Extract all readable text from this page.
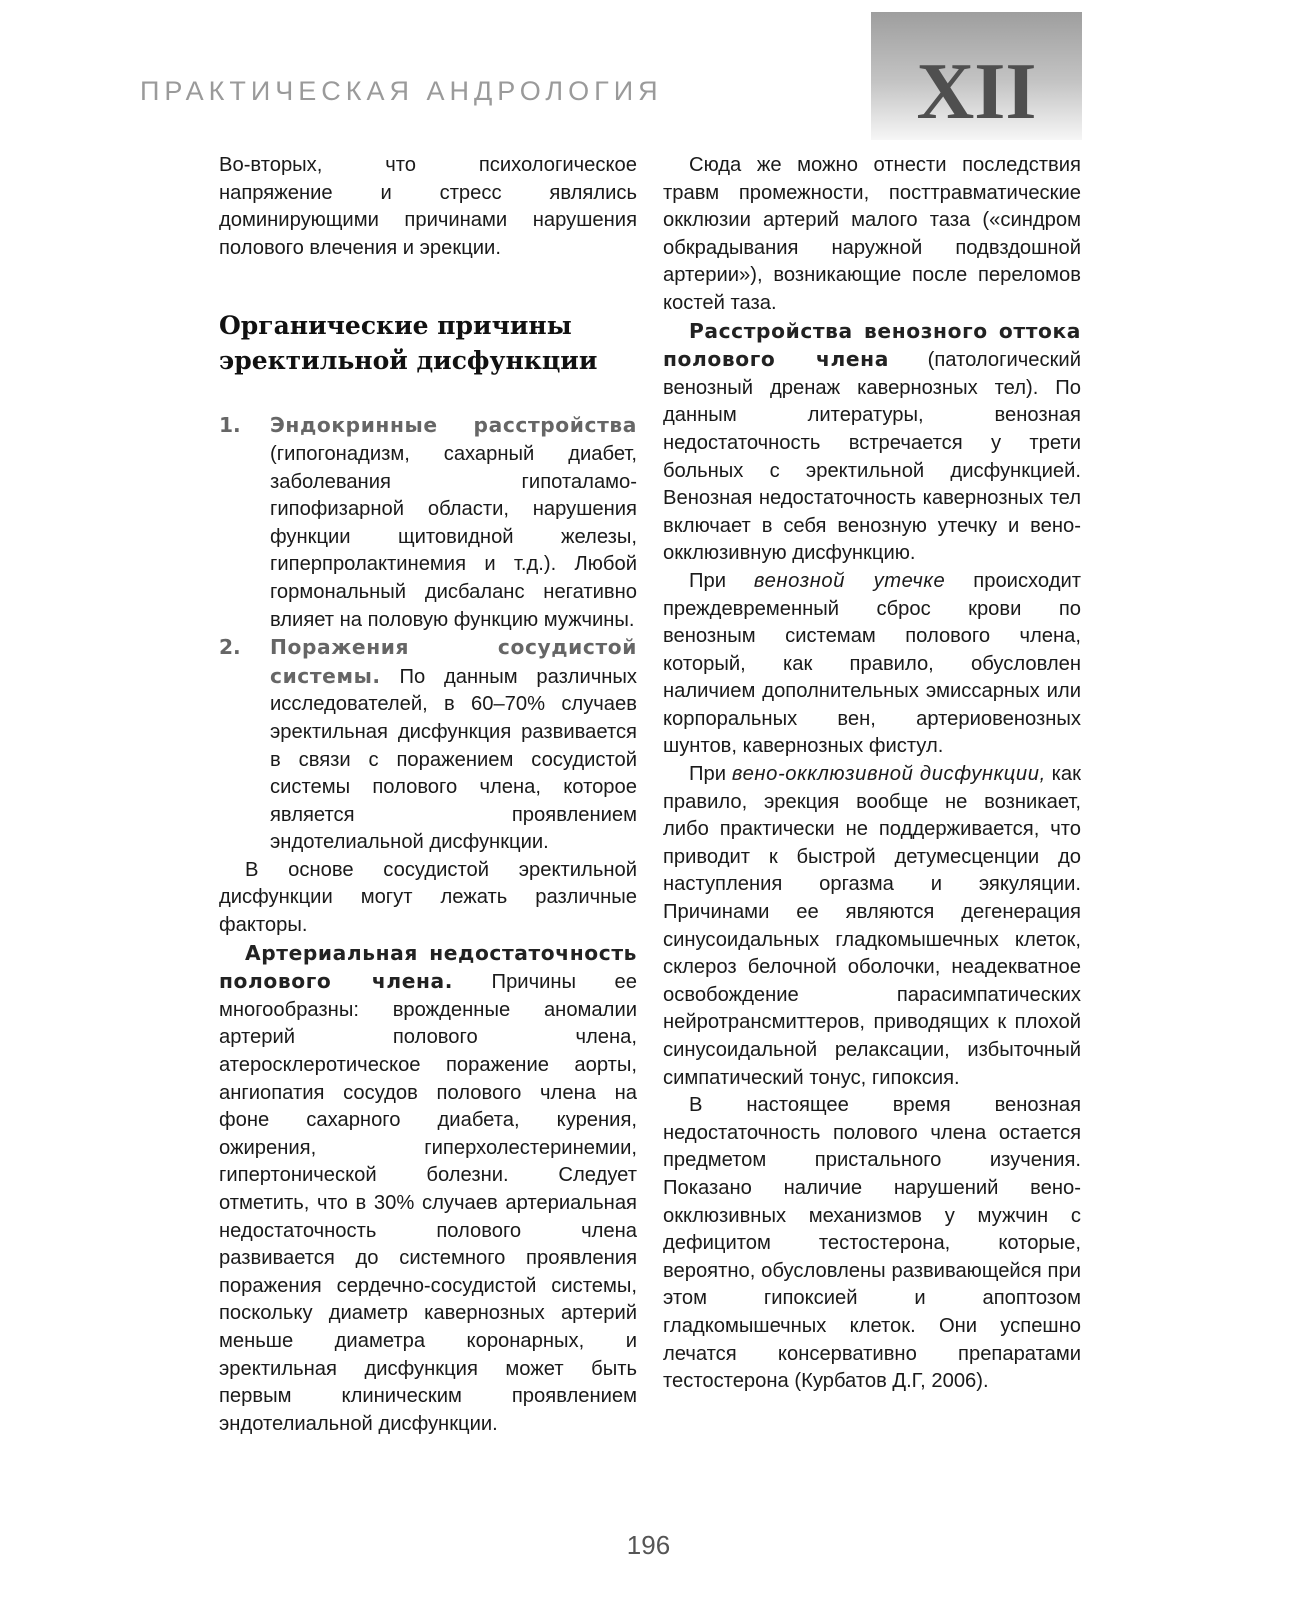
ПРАКТИЧЕСКАЯ АНДРОЛОГИЯ	XII

Во-вторых, что психологическое напряжение и стресс являлись доминирующими причинами нарушения полового влечения и эрекции.

Органические причины эректильной дисфункции

1. Эндокринные расстройства (гипогонадизм, сахарный диабет, заболевания гипоталамо-гипофизарной области, нарушения функции щитовидной железы, гиперпролактинемия и т.д.). Любой гормональный дисбаланс негативно влияет на половую функцию мужчины.

2. Поражения сосудистой системы. По данным различных исследователей, в 60–70% случаев эректильная дисфункция развивается в связи с поражением сосудистой системы полового члена, которое является проявлением эндотелиальной дисфункции.

В основе сосудистой эректильной дисфункции могут лежать различные факторы.

Артериальная недостаточность полового члена. Причины ее многообразны: врожденные аномалии артерий полового члена, атеросклеротическое поражение аорты, ангиопатия сосудов полового члена на фоне сахарного диабета, курения, ожирения, гиперхолестеринемии, гипертонической болезни. Следует отметить, что в 30% случаев артериальная недостаточность полового члена развивается до системного проявления поражения сердечно-сосудистой системы, поскольку диаметр кавернозных артерий меньше диаметра коронарных, и эректильная дисфункция может быть первым клиническим проявлением эндотелиальной дисфункции.

Сюда же можно отнести последствия травм промежности, посттравматические окклюзии артерий малого таза («синдром обкрадывания наружной подвздошной артерии»), возникающие после переломов костей таза.

Расстройства венозного оттока полового члена (патологический венозный дренаж кавернозных тел). По данным литературы, венозная недостаточность встречается у трети больных с эректильной дисфункцией. Венозная недостаточность кавернозных тел включает в себя венозную утечку и вено-окклюзивную дисфункцию.

При венозной утечке происходит преждевременный сброс крови по венозным системам полового члена, который, как правило, обусловлен наличием дополнительных эмиссарных или корпоральных вен, артериовенозных шунтов, кавернозных фистул.

При вено-окклюзивной дисфункции, как правило, эрекция вообще не возникает, либо практически не поддерживается, что приводит к быстрой детумесценции до наступления оргазма и эякуляции. Причинами ее являются дегенерация синусоидальных гладкомышечных клеток, склероз белочной оболочки, неадекватное освобождение парасимпатических нейротрансмиттеров, приводящих к плохой синусоидальной релаксации, избыточный симпатический тонус, гипоксия.

В настоящее время венозная недостаточность полового члена остается предметом пристального изучения. Показано наличие нарушений вено-окклюзивных механизмов у мужчин с дефицитом тестостерона, которые, вероятно, обусловлены развивающейся при этом гипоксией и апоптозом гладкомышечных клеток. Они успешно лечатся консервативно препаратами тестостерона (Курбатов Д.Г, 2006).

196
